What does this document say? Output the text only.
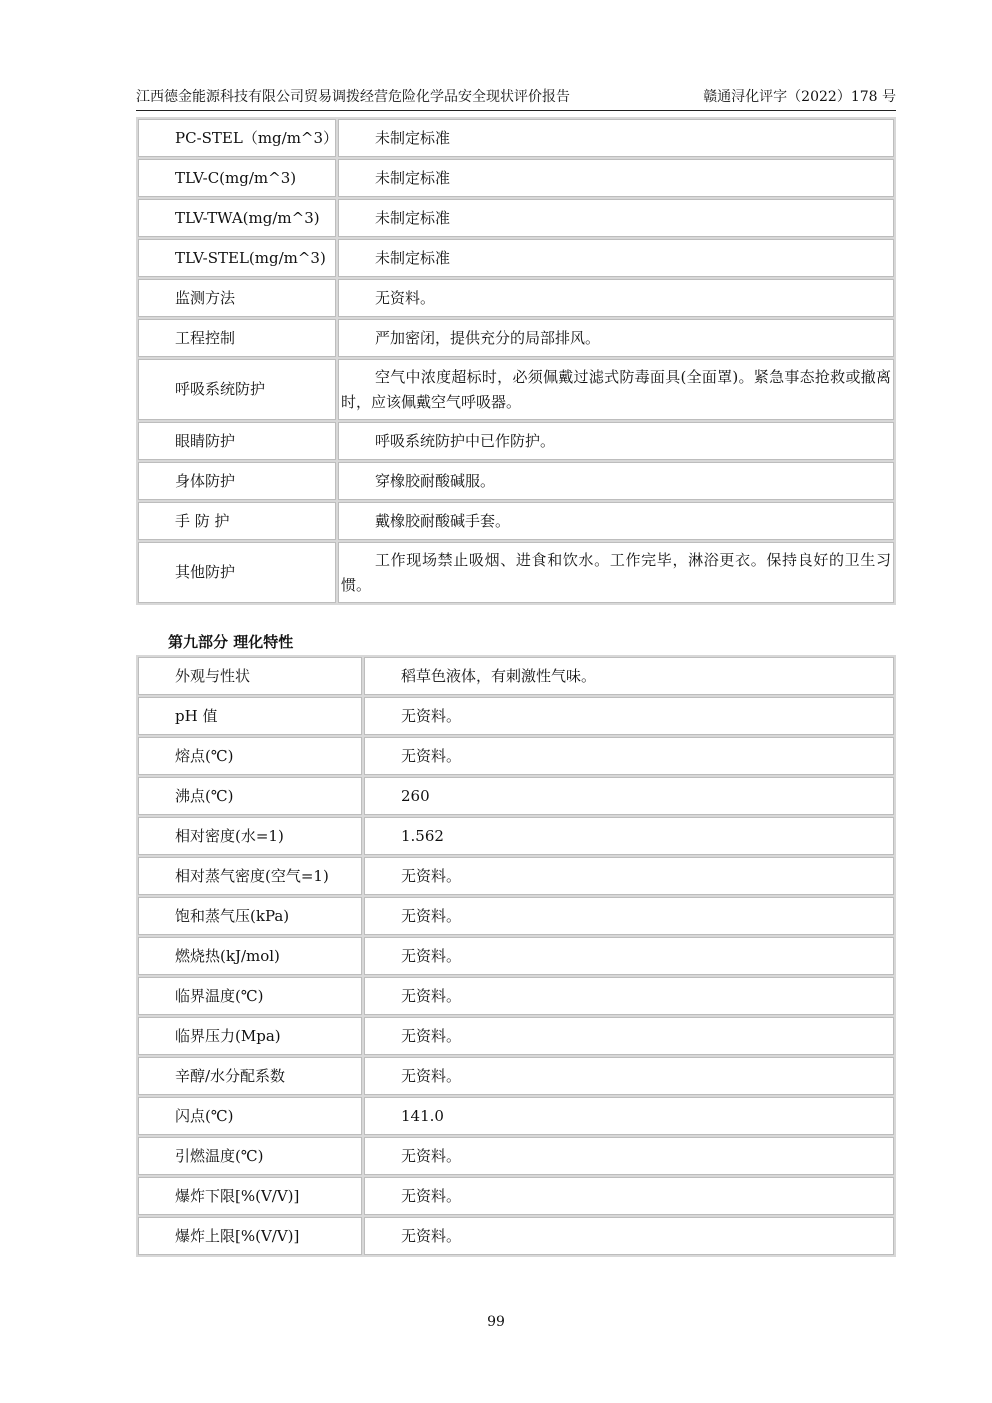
江西德金能源科技有限公司贸易调拨经营危险化学品安全现状评价报告	赣通浔化评字（2022）178 号
PC-STEL（mg/m^3）	未制定标准
TLV-C(mg/m^3)	未制定标准
TLV-TWA(mg/m^3)	未制定标准
TLV-STEL(mg/m^3)	未制定标准
监测方法	无资料。
工程控制	严加密闭，提供充分的局部排风。
呼吸系统防护	空气中浓度超标时，必须佩戴过滤式防毒面具(全面罩)。紧急事态抢救或撤离时，应该佩戴空气呼吸器。
眼睛防护	呼吸系统防护中已作防护。
身体防护	穿橡胶耐酸碱服。
手 防 护	戴橡胶耐酸碱手套。
其他防护	工作现场禁止吸烟、进食和饮水。工作完毕，淋浴更衣。保持良好的卫生习惯。
第九部分 理化特性
外观与性状	稻草色液体，有刺激性气味。
pH 值	无资料。
熔点(℃)	无资料。
沸点(℃)	260
相对密度(水=1)	1.562
相对蒸气密度(空气=1)	无资料。
饱和蒸气压(kPa)	无资料。
燃烧热(kJ/mol)	无资料。
临界温度(℃)	无资料。
临界压力(Mpa)	无资料。
辛醇/水分配系数	无资料。
闪点(℃)	141.0
引燃温度(℃)	无资料。
爆炸下限[%(V/V)]	无资料。
爆炸上限[%(V/V)]	无资料。
99
